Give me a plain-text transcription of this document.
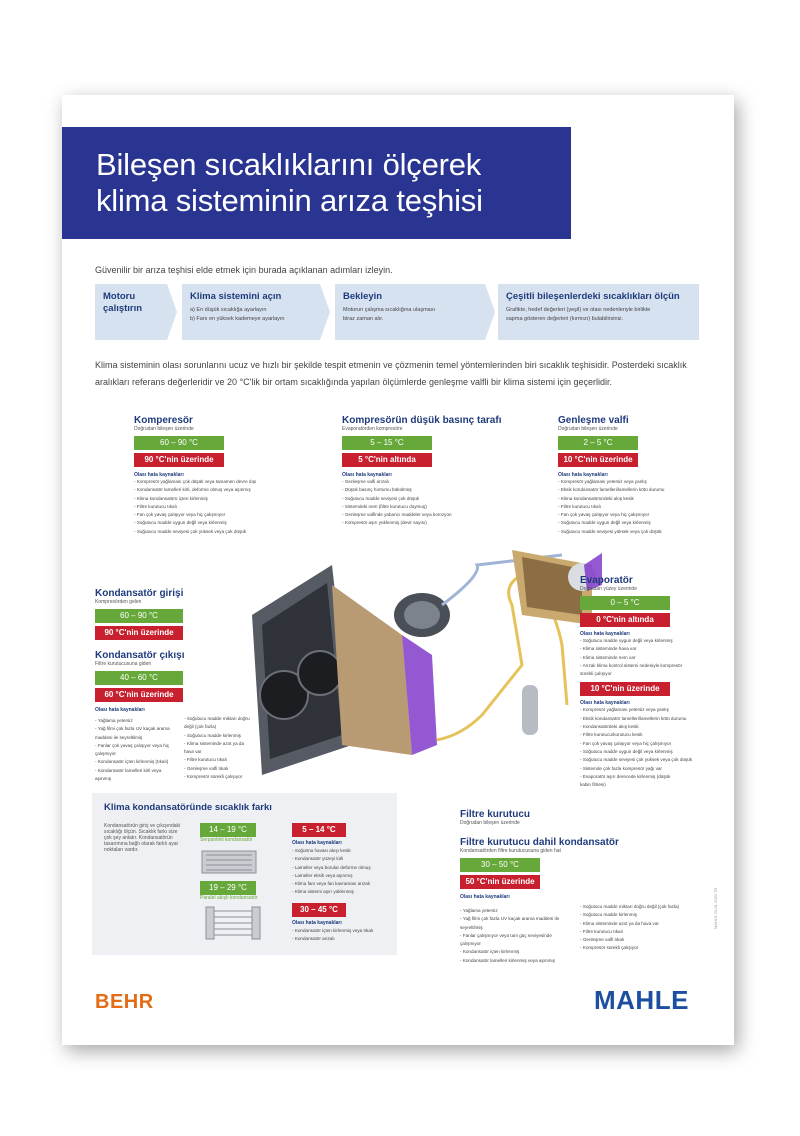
Bileşen sıcaklıklarını ölçerek
klima sisteminin arıza teşhisi
Güvenilir bir arıza teşhisi elde etmek için burada açıklanan adımları izleyin.
Motoru çalıştırın
Klima sistemini açın
a) En düşük sıcaklığa ayarlayın
b) Fanı en yüksek kademeye ayarlayın
Bekleyin
Motorun çalışma sıcaklığına ulaşması
biraz zaman alır.
Çeşitli bileşenlerdeki sıcaklıkları ölçün
Grafikte, hedef değerleri (yeşil) ve olası nedenleriyle birlikte
sapma gösteren değerleri (kırmızı) bulabilirsiniz.
Klima sisteminin olası sorunlarını ucuz ve hızlı bir şekilde tespit etmenin ve çözmenin temel yöntemlerinden biri sıcaklık teşhisidir. Posterdeki sıcaklık aralıkları referans değerleridir ve 20 °C'lik bir ortam sıcaklığında yapılan ölçümlerde genleşme valfli bir klima sistemi için geçerlidir.
Komperesör
Doğrudan bileşen üzerinde
60 – 90 °C
90 °C'nin üzerinde
Olası hata kaynakları
- Kompresör yağlaması çok düşük veya tamamen devre dışı
- Kondansatör lamelleri kirli, deforme olmuş veya aşınmış
- Klima kondansatörü içten kirlenmiş
- Filtre kurutucu tıkalı
- Fan çok yavaş çalışıyor veya hiç çalışmıyor
- Soğutucu madde uygun değil veya kirlenmiş
- Soğutucu madde seviyesi çok yüksek veya çok düşük
Kompresörün düşük basınç tarafı
Evaporatörden kompresöre
5 – 15 °C
5 °C'nin altında
Olası hata kaynakları
- Genleşme valfi arızalı
- Düşük basınç hortumu bükülmüş
- Soğutucu madde seviyesi çok düşük
- Sistemdeki nem (filtre kurutucu doymuş)
- Genleşme valfinde yabancı maddeler veya korozyon
- Kompresör aşırı yüklenmiş (devir sayısı)
Genleşme valfi
Doğrudan bileşen üzerinde
2 – 5 °C
10 °C'nin üzerinde
Olası hata kaynakları
- Kompresör yağlaması yetersiz veya yanlış
- Eksik kondansatör lamelleri/lamellerin kötü durumu
- Klima kondansatöründeki akış kesik
- Filtre kurutucu tıkalı
- Fan çok yavaş çalışıyor veya hiç çalışmıyor
- Soğutucu madde uygun değil veya kirlenmiş
- Soğutucu madde seviyesi yüksek veya çok düşük
Evaporatör
Doğrudan yüzey üzerinde
0 – 5 °C
0 °C'nin altında
Olası hata kaynakları
- Soğutucu madde uygun değil veya kirlenmiş
- Klima sisteminde hava var
- Klima sisteminde nem var
- Arızalı klima kontrol sistemi nedeniyle kompresör sürekli çalışıyor
10 °C'nin üzerinde
Olası hata kaynakları
- Kompresör yağlaması yetersiz veya yanlış
- Eksik kondansatör lamelleri/lamellerin kötü durumu
- Kondansatördeki akış kesik
- Filtre kurutucu/kurutucu kesik
- Fan çok yavaş çalışıyor veya hiç çalışmıyor
- Soğutucu madde uygun değil veya kirlenmiş
- Soğutucu madde seviyesi çok yüksek veya çok düşük
- Sistemde çok fazla kompresör yağı var
- Evaporatör aşırı derecede kirlenmiş (düşük kabin filtresi)
Kondansatör girişi
Kompresörden gelen
60 – 90 °C
90 °C'nin üzerinde
Kondansatör çıkışı
Filtre kurutucusuna giden
40 – 60 °C
60 °C'nin üzerinde
Olası hata kaynakları
- Yağlama yetersiz
- Yağ filmi çok fazla UV kaçak arama maddesi ile seyreltilmiş
- Fanlar çok yavaş çalışıyor veya hiç çalışmıyor
- Kondansatör içten kirlenmiş (tıkalı)
- Kondansatör lamelleri kirli veya aşınmış
- Soğutucu madde miktarı doğru değil (çok fazla)
- Soğutucu madde kirlenmiş
- Klima sisteminde azot ya da hava var
- Filtre kurutucu tıkalı
- Genleşme valfi tıkalı
- Kompresör sürekli çalışıyor
Filtre kurutucu
Doğrudan bileşen üzerinde
Filtre kurutucu dahil kondansatör
Kondansatörden filtre kurutucusuna giden hat
30 – 50 °C
50 °C'nin üzerinde
Olası hata kaynakları
- Yağlama yetersiz
- Yağ filmi çok fazla UV kaçak arama maddesi ile seyreltilmiş
- Fanlar çalışmıyor veya tam güç seviyesinde çalışmıyor
- Kondansatör içten kirlenmiş
- Kondansatör lamelleri kirlenmiş veya aşınmış
- Soğutucu madde miktarı doğru değil (çok fazla)
- Soğutucu madde kirlenmiş
- Klima sisteminde azot ya da hava var
- Filtre kurutucu tıkalı
- Genleşme valfi tıkalı
- Kompresör sürekli çalışıyor
Klima kondansatöründe sıcaklık farkı
Kondansatörün giriş ve çıkışındaki
sıcaklığı ölçün. Sıcaklık farkı size
çok şey anlatır. Kondansatörün
tasarımına bağlı olarak farklı ayar
noktaları vardır.
14 – 19 °C
Serpantinli kondansatör
19 – 29 °C
Paralel akışlı kondansatör
5 – 14 °C
Olası hata kaynakları
- Soğutma havası akışı kesik
- Kondansatör yüzeyi kirli
- Lameller veya borular deforme olmuş
- Lameller eksik veya aşınmış
- Klima fanı veya fan kavraması arızalı
- Klima sistemi aşırı yüklenmiş
30 – 45 °C
Olası hata kaynakları
- Kondansatör içten kirlenmiş veya tıkalı
- Kondansatör arızalı
MAHLE 20.01.2020 TR
BEHR	MAHLE
